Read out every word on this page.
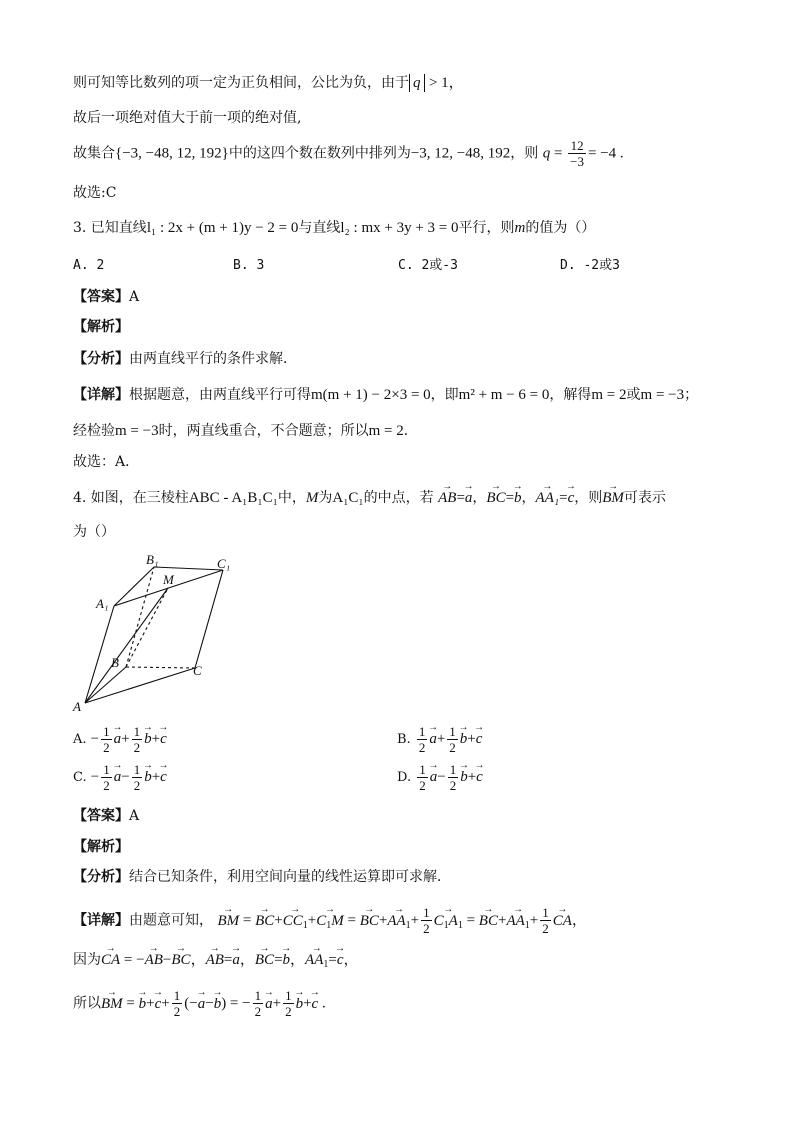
则可知等比数列的项一定为正负相间，公比为负，由于 q > 1，
故后一项绝对值大于前一项的绝对值,
故集合{−3, −48, 12, 192}中的这四个数在数列中排列为−3, 12, −48, 192，则 $q = \frac{12}{-3} = -4$ .
故选:C
3. 已知直线l₁ : 2x + (m + 1)y − 2 = 0与直线l₂ : mx + 3y + 3 = 0平行，则m的值为（）
A. 2	B. 3	C. 2或-3	D. -2或3
【答案】A
【解析】
【分析】由两直线平行的条件求解．
【详解】根据题意，由两直线平行可得m(m + 1) − 2×3 = 0，即m² + m − 6 = 0，解得m = 2或m = −3；
经检验m = −3时，两直线重合，不合题意；所以m = 2．
故选：A．
4. 如图，在三棱柱ABC - A₁B₁C₁中，M为A₁C₁的中点，若 → AB=→ a，→ BC=→ b，→ AA₁=→ c，则→ BM可表示
为（）
A
B
C
A₁
B₁	C₁
M
A. − $\frac{1}{2}$
→ $a+ \frac{1}{2}$
→ b+→ c	B. $\frac{1}{2}$
→ $a+ \frac{1}{2}$
→ b+→ c
C. − $\frac{1}{2}$
→ $a- \frac{1}{2}$
→ b+→ c	D. $\frac{1}{2}$
→ $a- \frac{1}{2}$
→ b+→ c
【答案】A
【解析】
【分析】结合已知条件，利用空间向量的线性运算即可求解．
【详解】由题意可知， → BM = → $BC+\to CC_1+\to C_1M$ = → $BC+\to AA_1+ \frac{1}{2}$
→ $C_1A_1$ = → $BC+\to AA_1+ \frac{1}{2}$
→ CA，
因为→ CA = −→ AB−→ BC，→ AB=→ a，→ BC=→ b，→ $AA_1=\to c$，
所以→ BM = → $b+\to c+ \frac{1}{2}$ (−→ a−→ b) = − $\frac{1}{2}$
→ $a+ \frac{1}{2}$
→ b+→ c .
